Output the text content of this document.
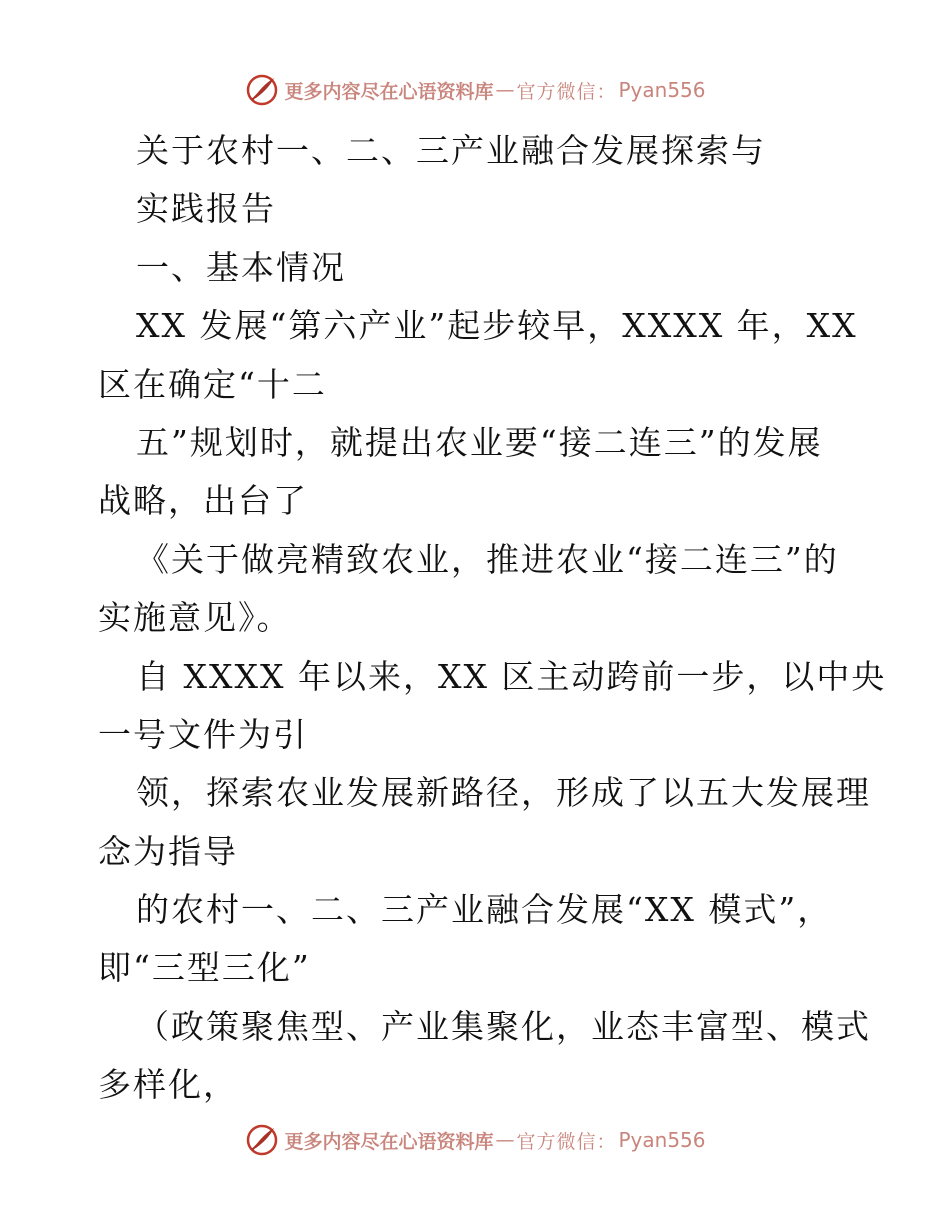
更多内容尽在心语资料库 — 官方微信： Pyan556
关于农村一、二、三产业融合发展探索与
实践报告
一、基本情况
XX 发展“第六产业”起步较早，XXXX 年，XX
区在确定“十二
五”规划时，就提出农业要“接二连三”的发展
战略，出台了
《关于做亮精致农业，推进农业“接二连三”的
实施意见》。
自 XXXX 年以来，XX 区主动跨前一步，以中央
一号文件为引
领，探索农业发展新路径，形成了以五大发展理
念为指导
的农村一、二、三产业融合发展“XX 模式”，
即“三型三化”
（政策聚焦型、产业集聚化，业态丰富型、模式
多样化，
更多内容尽在心语资料库 — 官方微信： Pyan556
